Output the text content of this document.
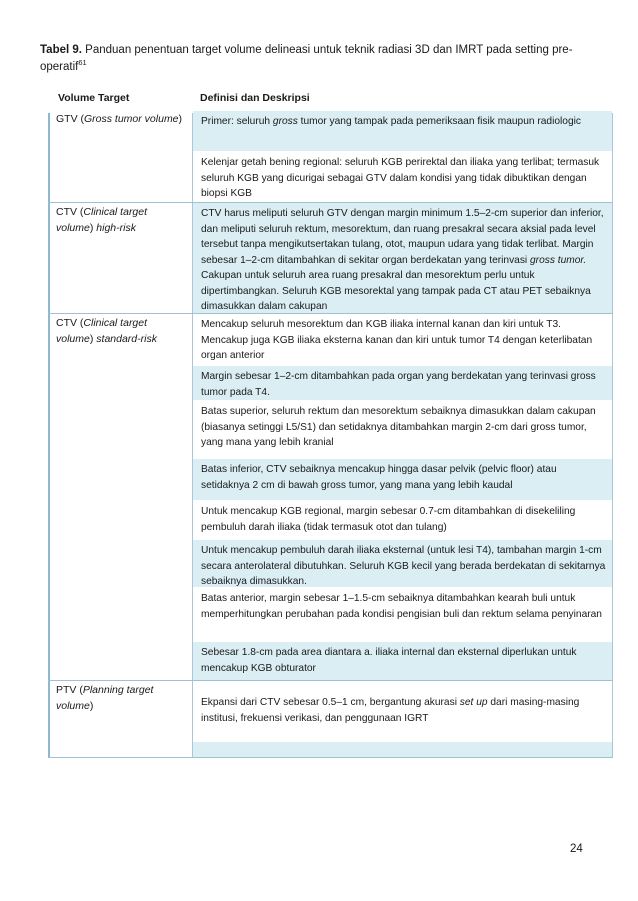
Tabel 9. Panduan penentuan target volume delineasi untuk teknik radiasi 3D dan IMRT pada setting pre-operatif$^{61}$
Volume Target	Definisi dan Deskripsi
GTV (Gross tumor volume)
CTV (Clinical target volume) high-risk
CTV (Clinical target volume) standard-risk
PTV (Planning target volume)
Primer: seluruh gross tumor yang tampak pada pemeriksaan fisik maupun radiologic
Kelenjar getah bening regional: seluruh KGB perirektal dan iliaka yang terlibat; termasuk seluruh KGB yang dicurigai sebagai GTV dalam kondisi yang tidak dibuktikan dengan biopsi KGB
CTV harus meliputi seluruh GTV dengan margin minimum 1.5–2-cm superior dan inferior, dan meliputi seluruh rektum, mesorektum, dan ruang presakral secara aksial pada level tersebut tanpa mengikutsertakan tulang, otot, maupun udara yang tidak terlibat. Margin sebesar 1–2-cm ditambahkan di sekitar organ berdekatan yang terinvasi gross tumor. Cakupan untuk seluruh area ruang presakral dan mesorektum perlu untuk dipertimbangkan. Seluruh KGB mesorektal yang tampak pada CT atau PET sebaiknya dimasukkan dalam cakupan
Mencakup seluruh mesorektum dan KGB iliaka internal kanan dan kiri untuk T3. Mencakup juga KGB iliaka eksterna kanan dan kiri untuk tumor T4 dengan keterlibatan organ anterior
Margin sebesar 1–2-cm ditambahkan pada organ yang berdekatan yang terinvasi gross tumor pada T4.
Batas superior, seluruh rektum dan mesorektum sebaiknya dimasukkan dalam cakupan (biasanya setinggi L5/S1) dan setidaknya ditambahkan margin 2-cm dari gross tumor, yang mana yang lebih kranial
Batas inferior, CTV sebaiknya mencakup hingga dasar pelvik (pelvic floor) atau setidaknya 2 cm di bawah gross tumor, yang mana yang lebih kaudal
Untuk mencakup KGB regional, margin sebesar 0.7-cm ditambahkan di disekeliling pembuluh darah iliaka (tidak termasuk otot dan tulang)
Untuk mencakup pembuluh darah iliaka eksternal (untuk lesi T4), tambahan margin 1-cm secara anterolateral dibutuhkan. Seluruh KGB kecil yang berada berdekatan di sekitarnya sebaiknya dimasukkan.
Batas anterior, margin sebesar 1–1.5-cm sebaiknya ditambahkan kearah buli untuk memperhitungkan perubahan pada kondisi pengisian buli dan rektum selama penyinaran
Sebesar 1.8-cm pada area diantara a. iliaka internal dan eksternal diperlukan untuk mencakup KGB obturator
Ekpansi dari CTV sebesar 0.5–1 cm, bergantung akurasi set up dari masing-masing institusi, frekuensi verikasi, dan penggunaan IGRT
24
